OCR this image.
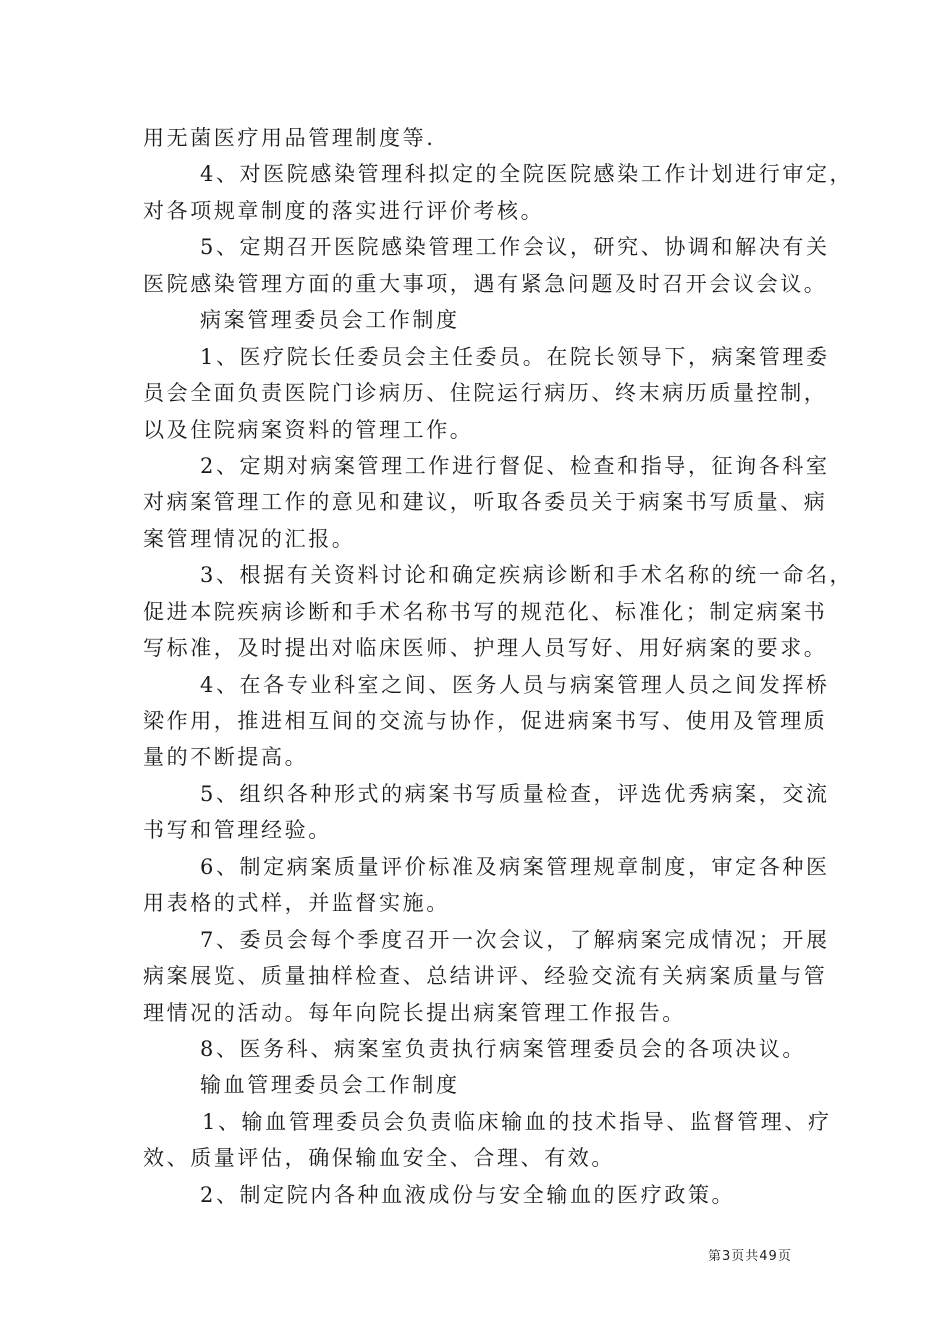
用无菌医疗用品管理制度等.
4、对医院感染管理科拟定的全院医院感染工作计划进行审定，
对各项规章制度的落实进行评价考核。
5、定期召开医院感染管理工作会议，研究、协调和解决有关
医院感染管理方面的重大事项，遇有紧急问题及时召开会议会议。
病案管理委员会工作制度
1、医疗院长任委员会主任委员。在院长领导下，病案管理委
员会全面负责医院门诊病历、住院运行病历、终末病历质量控制，
以及住院病案资料的管理工作。
2、定期对病案管理工作进行督促、检查和指导，征询各科室
对病案管理工作的意见和建议，听取各委员关于病案书写质量、病
案管理情况的汇报。
3、根据有关资料讨论和确定疾病诊断和手术名称的统一命名，
促进本院疾病诊断和手术名称书写的规范化、标准化；制定病案书
写标准，及时提出对临床医师、护理人员写好、用好病案的要求。
4、在各专业科室之间、医务人员与病案管理人员之间发挥桥
梁作用，推进相互间的交流与协作，促进病案书写、使用及管理质
量的不断提高。
5、组织各种形式的病案书写质量检查，评选优秀病案，交流
书写和管理经验。
6、制定病案质量评价标准及病案管理规章制度，审定各种医
用表格的式样，并监督实施。
7、委员会每个季度召开一次会议，了解病案完成情况；开展
病案展览、质量抽样检查、总结讲评、经验交流有关病案质量与管
理情况的活动。每年向院长提出病案管理工作报告。
8、医务科、病案室负责执行病案管理委员会的各项决议。
输血管理委员会工作制度
1、输血管理委员会负责临床输血的技术指导、监督管理、疗
效、质量评估，确保输血安全、合理、有效。
2、制定院内各种血液成份与安全输血的医疗政策。
第3页共49页
